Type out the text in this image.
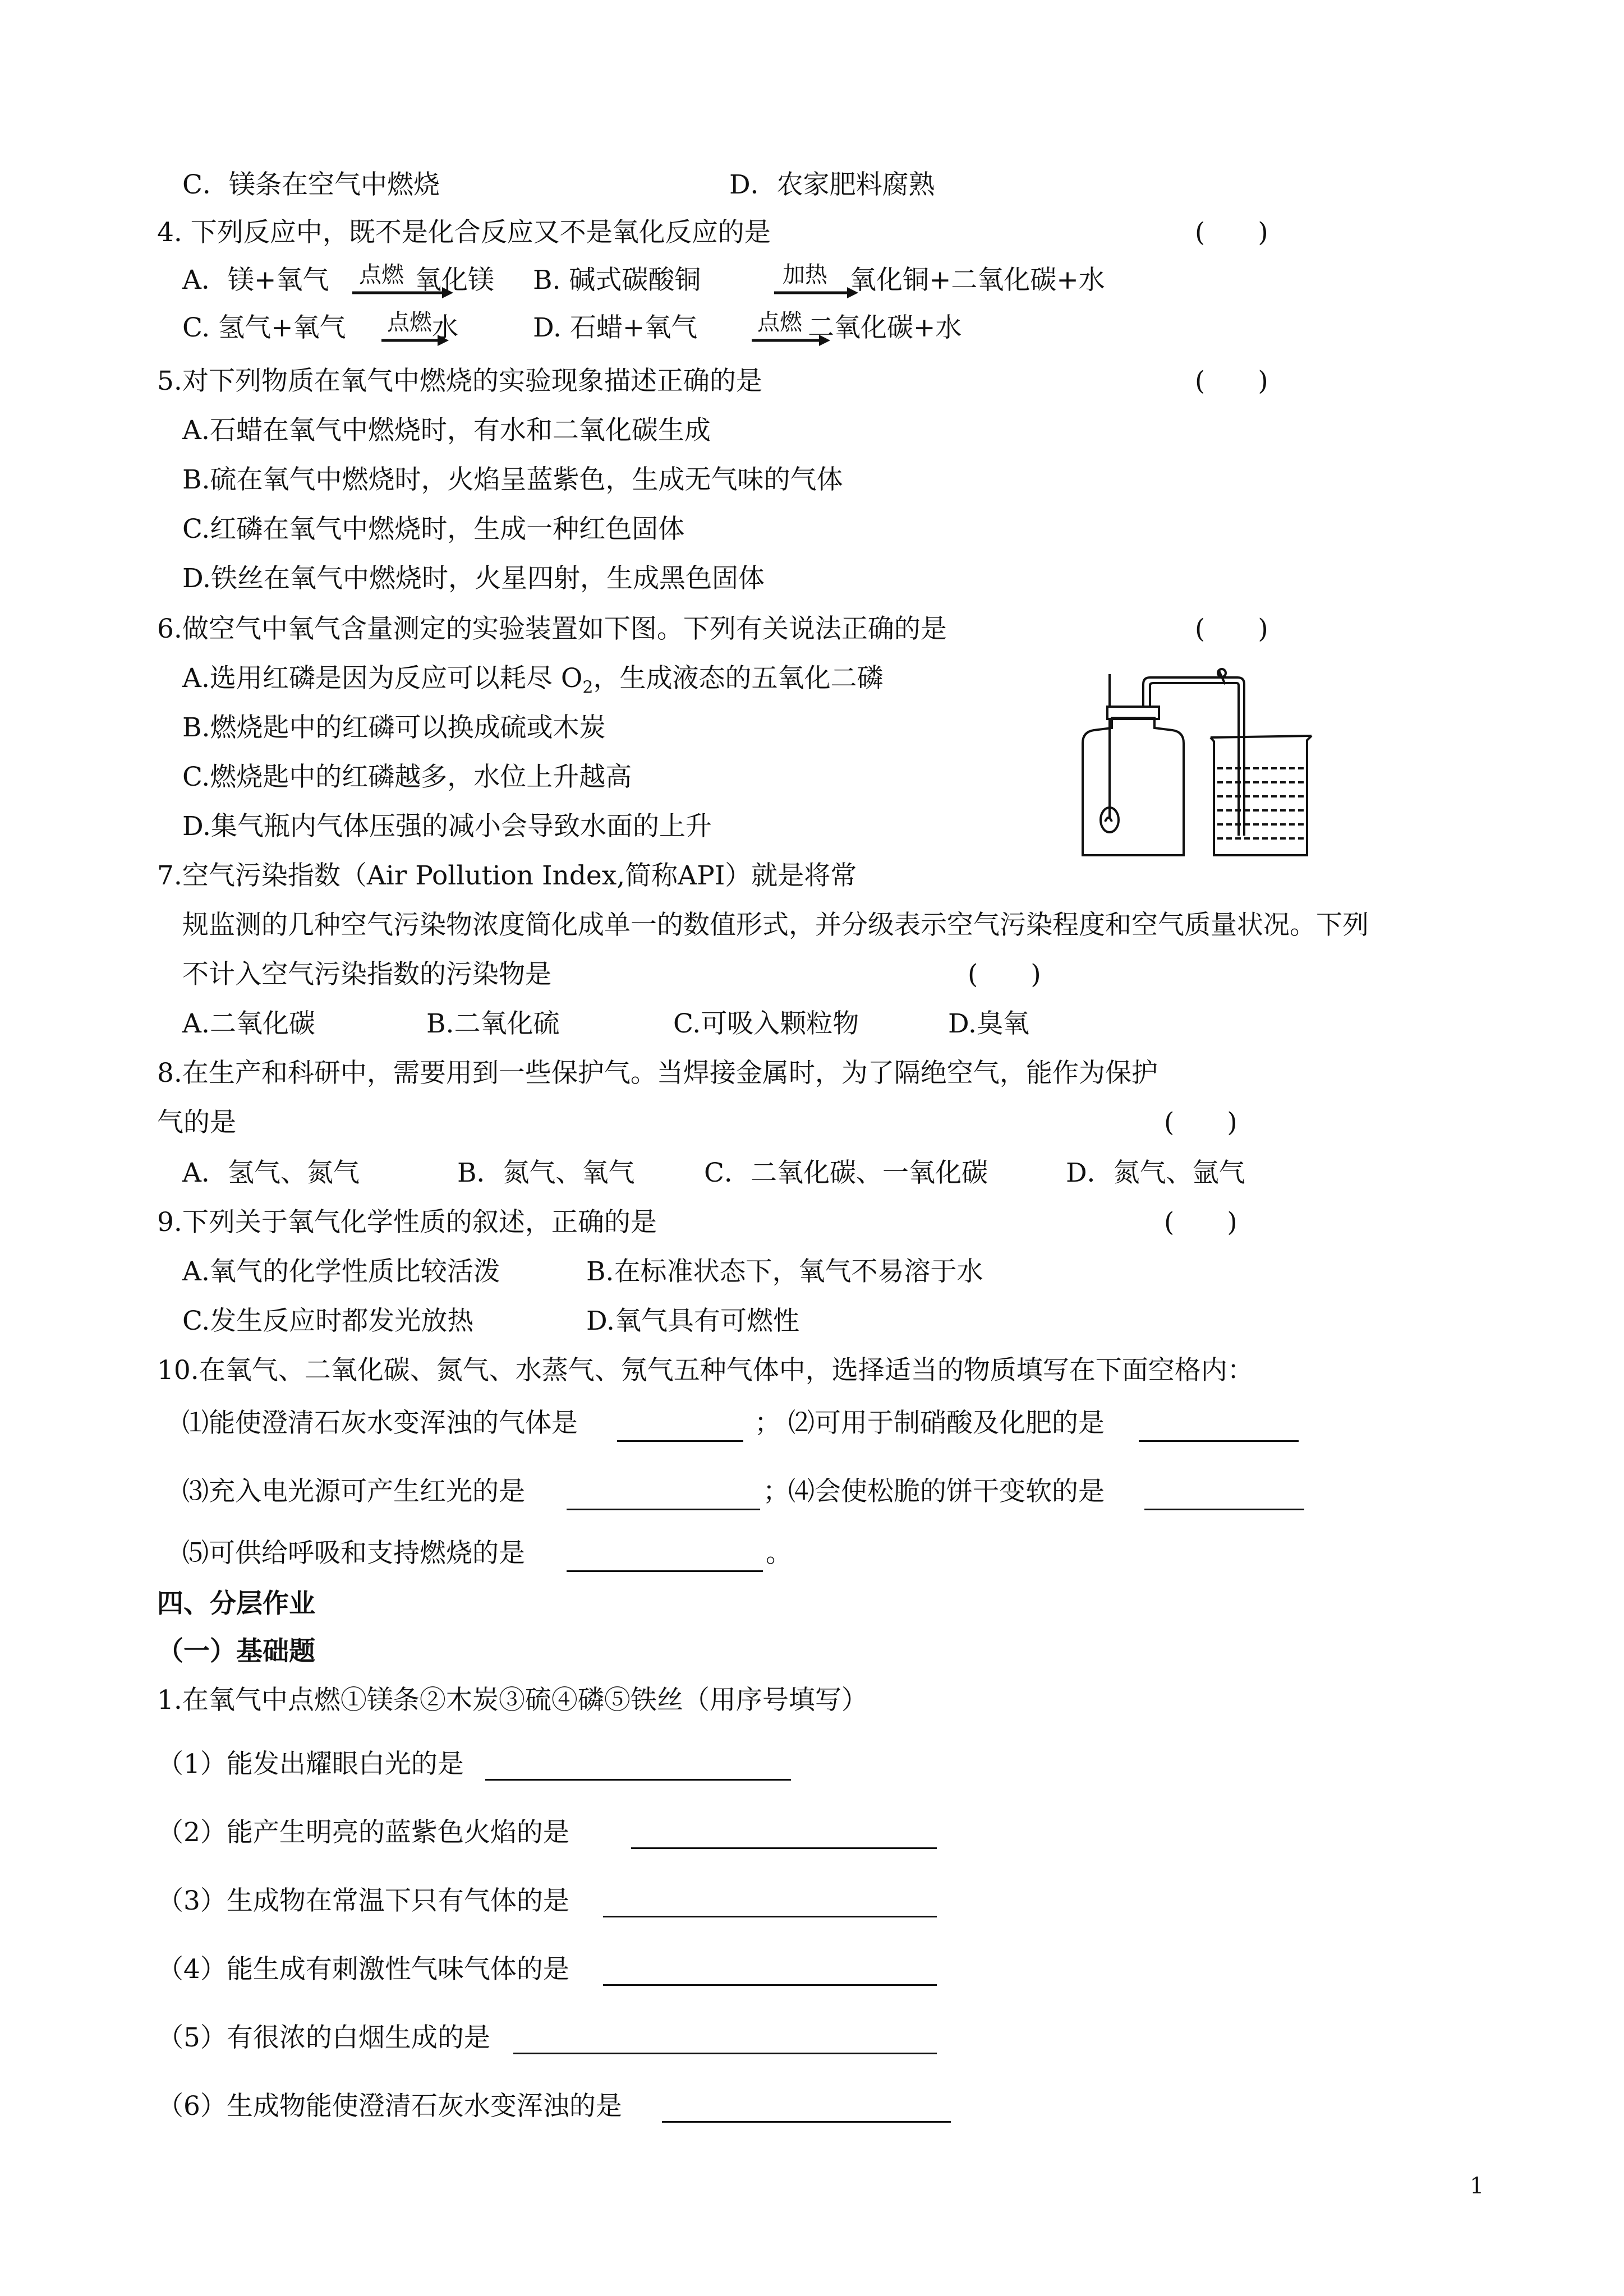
C．镁条在空气中燃烧	D．农家肥料腐熟
4. 下列反应中，既不是化合反应又不是氧化反应的是	(　　)
A．镁+氧气 点燃 氧化镁 B. 碱式碳酸铜	加热 氧化铜+二氧化碳+水
C. 氢气+氧气 点燃 水	D. 石蜡+氧气	点燃 二氧化碳+水
5.对下列物质在氧气中燃烧的实验现象描述正确的是	(　　)
A.石蜡在氧气中燃烧时，有水和二氧化碳生成
B.硫在氧气中燃烧时，火焰呈蓝紫色，生成无气味的气体
C.红磷在氧气中燃烧时，生成一种红色固体
D.铁丝在氧气中燃烧时，火星四射，生成黑色固体
6.做空气中氧气含量测定的实验装置如下图。下列有关说法正确的是	(　　)
A.选用红磷是因为反应可以耗尽 $O_2$，生成液态的五氧化二磷
B.燃烧匙中的红磷可以换成硫或木炭
C.燃烧匙中的红磷越多，水位上升越高
D.集气瓶内气体压强的减小会导致水面的上升
7.空气污染指数（Air Pollution Index,简称API）就是将常
规监测的几种空气污染物浓度简化成单一的数值形式，并分级表示空气污染程度和空气质量状况。下列
不计入空气污染指数的污染物是	(　　)
A.二氧化碳	B.二氧化硫	C.可吸入颗粒物	D.臭氧
8.在生产和科研中，需要用到一些保护气。当焊接金属时，为了隔绝空气，能作为保护
气的是	(　　)
A．氢气、氮气	B．氮气、氧气	C．二氧化碳、一氧化碳	D．氮气、氩气
9.下列关于氧气化学性质的叙述，正确的是	(　　)
A.氧气的化学性质比较活泼	B.在标准状态下，氧气不易溶于水
C.发生反应时都发光放热	D.氧气具有可燃性
10.在氧气、二氧化碳、氮气、水蒸气、氖气五种气体中，选择适当的物质填写在下面空格内：
⑴能使澄清石灰水变浑浊的气体是	； ⑵可用于制硝酸及化肥的是
⑶充入电光源可产生红光的是	；
⑷会使松脆的饼干变软的是
⑸可供给呼吸和支持燃烧的是	。
四、分层作业
（一）基础题
1.在氧气中点燃①镁条②木炭③硫④磷⑤铁丝（用序号填写）
（1）能发出耀眼白光的是
（2）能产生明亮的蓝紫色火焰的是
（3）生成物在常温下只有气体的是
（4）能生成有刺激性气味气体的是
（5）有很浓的白烟生成的是
（6）生成物能使澄清石灰水变浑浊的是
1
